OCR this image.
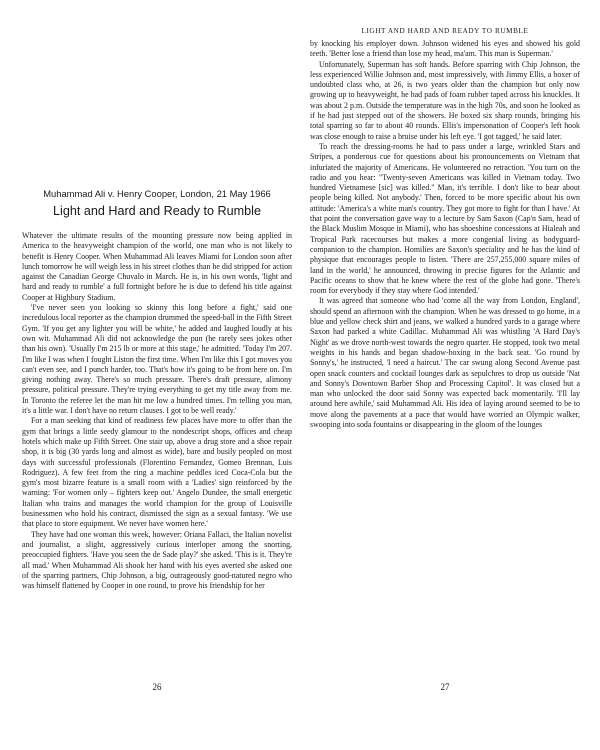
Muhammad Ali v. Henry Cooper, London, 21 May 1966
Light and Hard and Ready to Rumble

Whatever the ultimate results of the mounting pressure now being applied in America to the heavyweight champion of the world, one man who is not likely to benefit is Henry Cooper. When Muhammad Ali leaves Miami for London soon after lunch tomorrow he will weigh less in his street clothes than he did stripped for action against the Canadian George Chuvalo in March. He is, in his own words, 'light and hard and ready to rumble' a full fortnight before he is due to defend his title against Cooper at Highbury Stadium.

'I've never seen you looking so skinny this long before a fight,' said one incredulous local reporter as the champion drummed the speed-ball in the Fifth Street Gym. 'If you get any lighter you will be white,' he added and laughed loudly at his own wit. Muhammad Ali did not acknowledge the pun (he rarely sees jokes other than his own). 'Usually I'm 215 lb or more at this stage,' he admitted. 'Today I'm 207. I'm like I was when I fought Liston the first time. When I'm like this I got moves you can't even see, and I punch harder, too. That's how it's going to be from here on. I'm giving nothing away. There's so much pressure. There's draft pressure, alimony pressure, political pressure. They're trying everything to get my title away from me. In Toronto the referee let the man hit me low a hundred times. I'm telling you man, it's a little war. I don't have no return clauses. I got to be well ready.'

For a man seeking that kind of readiness few places have more to offer than the gym that brings a little seedy glamour to the nondescript shops, offices and cheap hotels which make up Fifth Street. One stair up, above a drug store and a shoe repair shop, it is big (30 yards long and almost as wide), bare and busily peopled on most days with successful professionals (Florentino Fernandez, Gomeo Brennan, Luis Rodriguez). A few feet from the ring a machine peddles iced Coca-Cola but the gym's most bizarre feature is a small room with a 'Ladies' sign reinforced by the warning: 'For women only – fighters keep out.' Angelo Dundee, the small energetic Italian who trains and manages the world champion for the group of Louisville businessmen who hold his contract, dismissed the sign as a sexual fantasy. 'We use that place to store equipment. We never have women here.'

They have had one woman this week, however: Oriana Fallaci, the Italian novelist and journalist, a slight, aggressively curious interloper among the snorting, preoccupied fighters. 'Have you seen the de Sade play?' she asked. 'This is it. They're all mad.' When Muhammad Ali shook her hand with his eyes averted she asked one of the sparring partners, Chip Johnson, a big, outrageously good-natured negro who was himself flattened by Cooper in one round, to prove his friendship for her

26
LIGHT AND HARD AND READY TO RUMBLE

by knocking his employer down. Johnson widened his eyes and showed his gold teeth. 'Better lose a friend than lose my head, ma'am. This man is Superman.'

Unfortunately, Superman has soft hands. Before sparring with Chip Johnson, the less experienced Willie Johnson and, most impressively, with Jimmy Ellis, a boxer of undoubted class who, at 26, is two years older than the champion but only now growing up to heavyweight, he had pads of foam rubber taped across his knuckles. It was about 2 p.m. Outside the temperature was in the high 70s, and soon he looked as if he had just stepped out of the showers. He boxed six sharp rounds, bringing his total sparring so far to about 40 rounds. Ellis's impersonation of Cooper's left hook was close enough to raise a bruise under his left eye. 'I got tagged,' he said later.

To reach the dressing-rooms he had to pass under a large, wrinkled Stars and Stripes, a ponderous cue for questions about his pronouncements on Vietnam that infuriated the majority of Americans. He volunteered no retraction. 'You turn on the radio and you hear: "Twenty-seven Americans was killed in Vietnam today. Two hundred Vietnamese [sic] was killed." Man, it's terrible. I don't like to hear about people being killed. Not anybody.' Then, forced to be more specific about his own attitude: 'America's a white man's country. They got more to fight for than I have.' At that point the conversation gave way to a lecture by Sam Saxon (Cap'n Sam, head of the Black Muslim Mosque in Miami), who has shoeshine concessions at Hialeah and Tropical Park racecourses but makes a more congenial living as bodyguard-companion to the champion. Homilies are Saxon's speciality and he has the kind of physique that encourages people to listen. 'There are 257,255,000 square miles of land in the world,' he announced, throwing in precise figures for the Atlantic and Pacific oceans to show that he knew where the rest of the globe had gone. 'There's room for everybody if they stay where God intended.'

It was agreed that someone who had 'come all the way from London, England', should spend an afternoon with the champion. When he was dressed to go home, in a blue and yellow check shirt and jeans, we walked a hundred yards to a garage where Saxon had parked a white Cadillac. Muhammad Ali was whistling 'A Hard Day's Night' as we drove north-west towards the negro quarter. He stopped, took two metal weights in his hands and began shadow-boxing in the back seat. 'Go round by Sonny's,' he instructed, 'I need a haircut.' The car swung along Second Avenue past open snack counters and cocktail lounges dark as sepulchres to drop us outside 'Nat and Sonny's Downtown Barber Shop and Processing Capitol'. It was closed but a man who unlocked the door said Sonny was expected back momentarily. 'I'll lay around here awhile,' said Muhammad Ali. His idea of laying around seemed to be to move along the pavements at a pace that would have worried an Olympic walker, swooping into soda fountains or disappearing in the gloom of the lounges

27
